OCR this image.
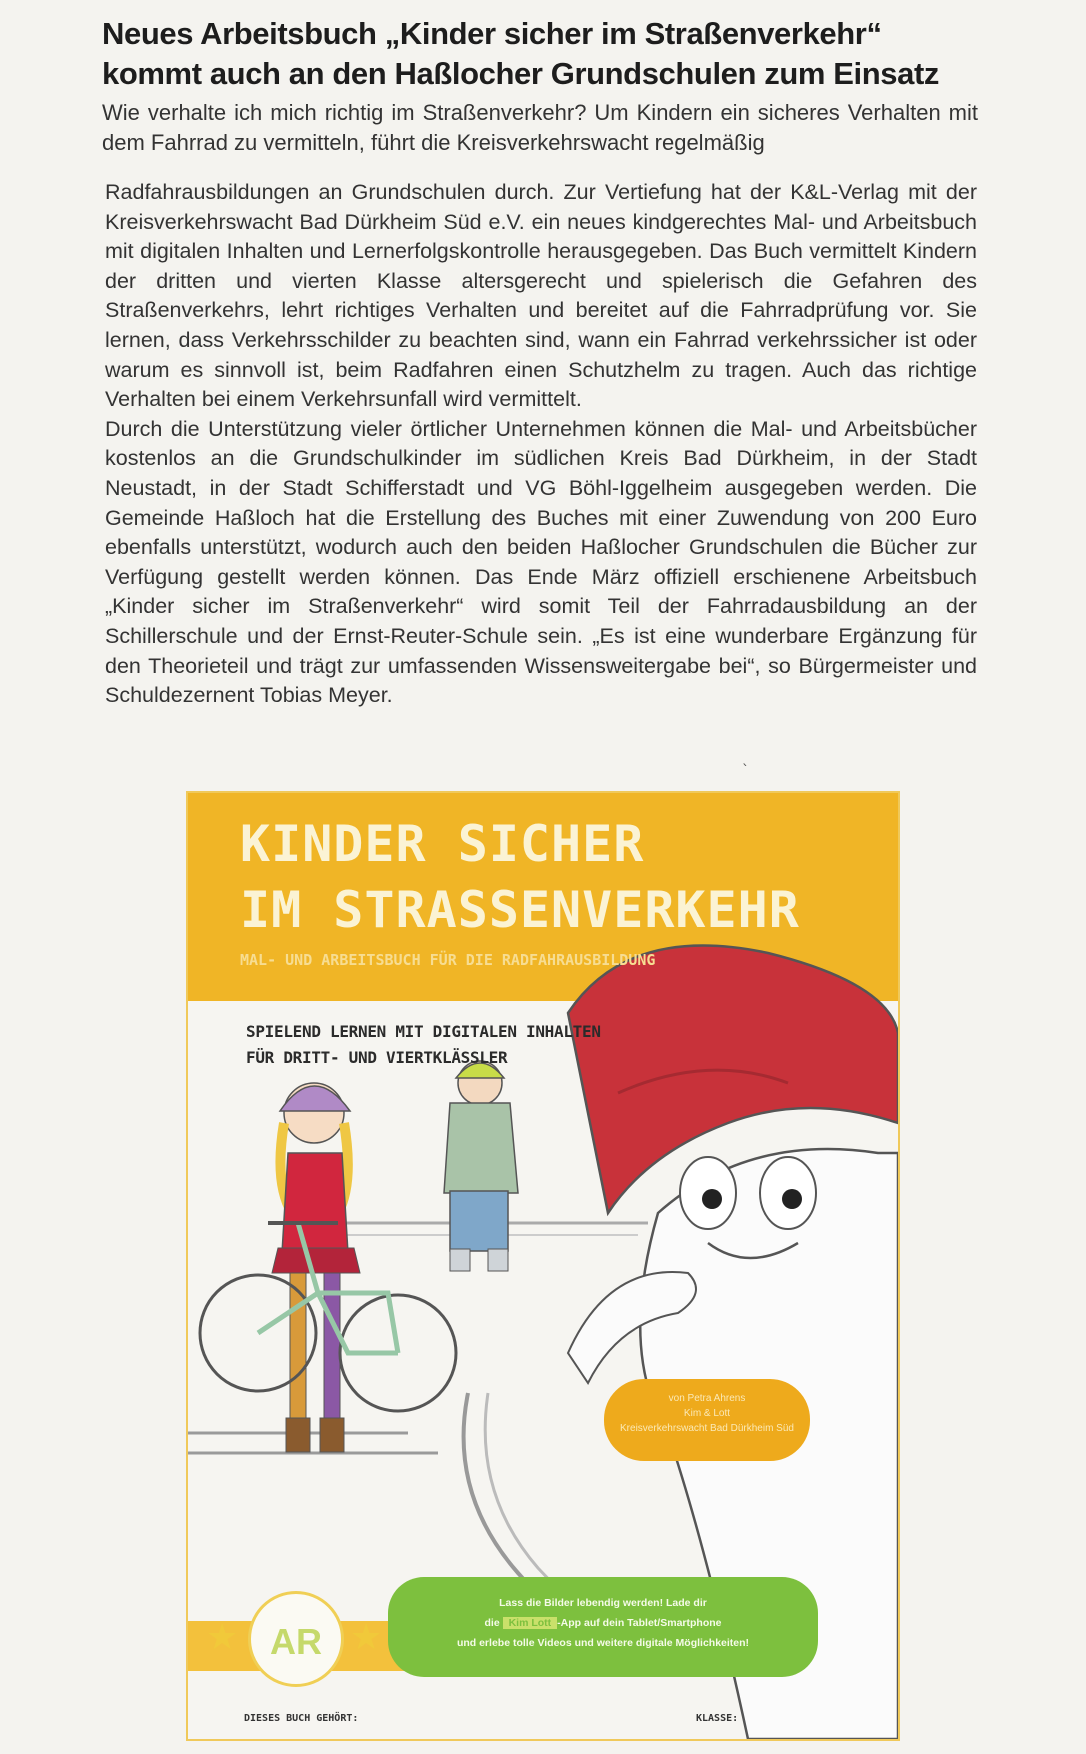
Neues Arbeitsbuch „Kinder sicher im Straßenverkehr“
kommt auch an den Haßlocher Grundschulen zum Einsatz
Wie verhalte ich mich richtig im Straßenverkehr? Um Kindern ein sicheres Verhalten mit dem Fahrrad zu vermitteln, führt die Kreisverkehrswacht regelmäßig

Radfahrausbildungen an Grundschulen durch. Zur Vertiefung hat der K&L-Verlag mit der Kreisverkehrswacht Bad Dürkheim Süd e.V. ein neues kindgerechtes Mal- und Arbeitsbuch mit digitalen Inhalten und Lernerfolgskontrolle herausgegeben. Das Buch vermittelt Kindern der dritten und vierten Klasse altersgerecht und spielerisch die Gefahren des Straßenverkehrs, lehrt richtiges Verhalten und bereitet auf die Fahrradprüfung vor. Sie lernen, dass Verkehrsschilder zu beachten sind, wann ein Fahrrad verkehrssicher ist oder warum es sinnvoll ist, beim Radfahren einen Schutzhelm zu tragen. Auch das richtige Verhalten bei einem Verkehrsunfall wird vermittelt.

Durch die Unterstützung vieler örtlicher Unternehmen können die Mal- und Arbeitsbücher kostenlos an die Grundschulkinder im südlichen Kreis Bad Dürkheim, in der Stadt Neustadt, in der Stadt Schifferstadt und VG Böhl-Iggelheim ausgegeben werden. Die Gemeinde Haßloch hat die Erstellung des Buches mit einer Zuwendung von 200 Euro ebenfalls unterstützt, wodurch auch den beiden Haßlocher Grundschulen die Bücher zur Verfügung gestellt werden können. Das Ende März offiziell erschienene Arbeitsbuch „Kinder sicher im Straßenverkehr“ wird somit Teil der Fahrradausbildung an der Schillerschule und der Ernst-Reuter-Schule sein. „Es ist eine wunderbare Ergänzung für den Theorieteil und trägt zur umfassenden Wissensweitergabe bei“, so Bürgermeister und Schuldezernent Tobias Meyer.

ˋ
KINDER SICHER
IM STRASSENVERKEHR
MAL- UND ARBEITSBUCH FÜR DIE RADFAHRAUSBILDUNG
SPIELEND LERNEN MIT DIGITALEN INHALTEN
FÜR DRITT- UND VIERTKLÄSSLER
von Petra Ahrens
Kim & Lott
Kreisverkehrswacht Bad Dürkheim Süd
★	★
AR
Lass die Bilder lebendig werden! Lade dir
die Kim Lott -App auf dein Tablet/Smartphone
und erlebe tolle Videos und weitere digitale Möglichkeiten!
DIESES BUCH GEHÖRT:	KLASSE:
